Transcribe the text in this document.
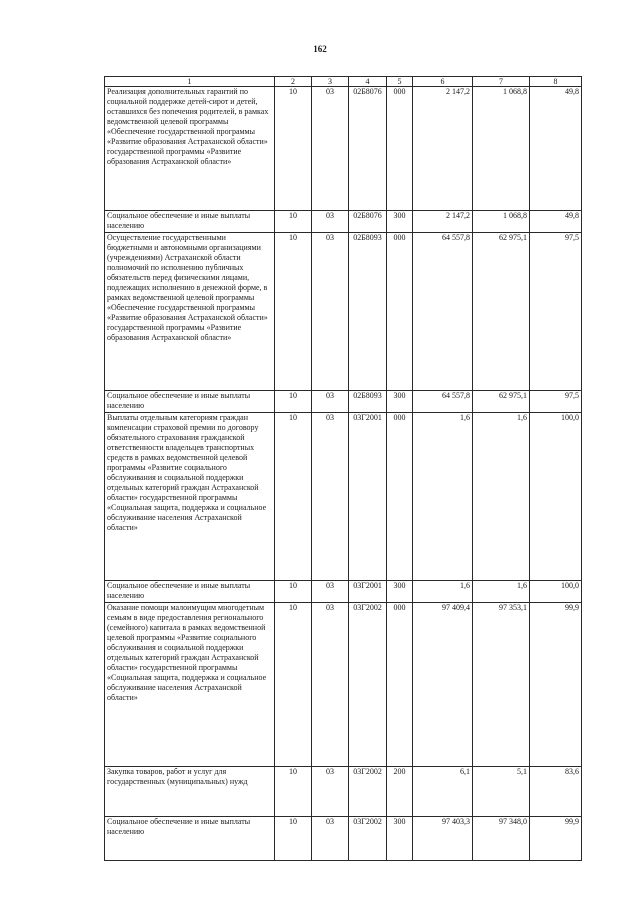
162
1	2	3	4	5	6	7	8
Реализация дополнительных гарантий по социальной поддержке детей-сирот и детей, оставшихся без попечения родителей, в рамках ведомственной целевой программы «Обеспечение государственной программы «Развитие образования Астраханской области» государственной программы «Развитие образования Астраханской области»	10	03	02Б8076	000	2 147,2	1 068,8	49,8
Социальное обеспечение и иные выплаты населению	10	03	02Б8076	300	2 147,2	1 068,8	49,8
Осуществление государственными бюджетными и автономными организациями (учреждениями) Астраханской области полномочий по исполнению публичных обязательств перед физическими лицами, подлежащих исполнению в денежной форме, в рамках ведомственной целевой программы «Обеспечение государственной программы «Развитие образования Астраханской области» государственной программы «Развитие образования Астраханской области»	10	03	02Б8093	000	64 557,8	62 975,1	97,5
Социальное обеспечение и иные выплаты населению	10	03	02Б8093	300	64 557,8	62 975,1	97,5
Выплаты отдельным категориям граждан компенсации страховой премии по договору обязательного страхования гражданской ответственности владельцев транспортных средств в рамках ведомственной целевой программы «Развитие социального обслуживания и социальной поддержки отдельных категорий граждан Астраханской области» государственной программы «Социальная защита, поддержка и социальное обслуживание населения Астраханской области»	10	03	03Г2001	000	1,6	1,6	100,0
Социальное обеспечение и иные выплаты населению	10	03	03Г2001	300	1,6	1,6	100,0
Оказание помощи малоимущим многодетным семьям в виде предоставления регионального (семейного) капитала в рамках ведомственной целевой программы «Развитие социального обслуживания и социальной поддержки отдельных категорий граждан Астраханской области» государственной программы «Социальная защита, поддержка и социальное обслуживание населения Астраханской области»	10	03	03Г2002	000	97 409,4	97 353,1	99,9
Закупка товаров, работ и услуг для государственных (муниципальных) нужд	10	03	03Г2002	200	6,1	5,1	83,6
Социальное обеспечение и иные выплаты населению	10	03	03Г2002	300	97 403,3	97 348,0	99,9
